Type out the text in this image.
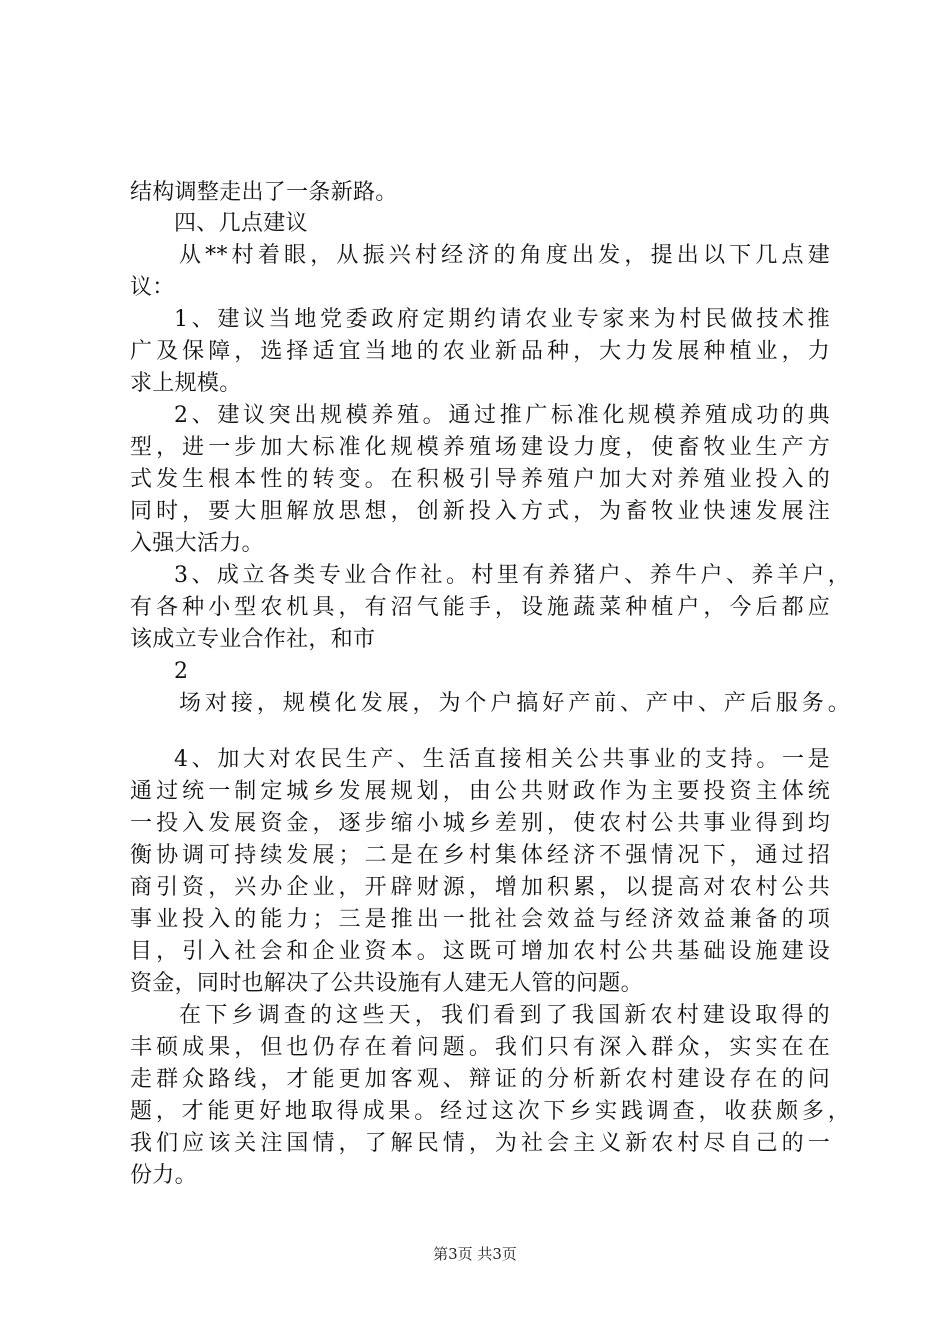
结构调整走出了一条新路。
四、几点建议
从**村着眼，从振兴村经济的角度出发，提出以下几点建
议：
1、建议当地党委政府定期约请农业专家来为村民做技术推
广及保障，选择适宜当地的农业新品种，大力发展种植业，力
求上规模。
2、建议突出规模养殖。通过推广标准化规模养殖成功的典
型，进一步加大标准化规模养殖场建设力度，使畜牧业生产方
式发生根本性的转变。在积极引导养殖户加大对养殖业投入的
同时，要大胆解放思想，创新投入方式，为畜牧业快速发展注
入强大活力。
3、成立各类专业合作社。村里有养猪户、养牛户、养羊户，
有各种小型农机具，有沼气能手，设施蔬菜种植户，今后都应
该成立专业合作社，和市
2
场对接，规模化发展，为个户搞好产前、产中、产后服务。
4、加大对农民生产、生活直接相关公共事业的支持。一是
通过统一制定城乡发展规划，由公共财政作为主要投资主体统
一投入发展资金，逐步缩小城乡差别，使农村公共事业得到均
衡协调可持续发展；二是在乡村集体经济不强情况下，通过招
商引资，兴办企业，开辟财源，增加积累，以提高对农村公共
事业投入的能力；三是推出一批社会效益与经济效益兼备的项
目，引入社会和企业资本。这既可增加农村公共基础设施建设
资金，同时也解决了公共设施有人建无人管的问题。
在下乡调查的这些天，我们看到了我国新农村建设取得的
丰硕成果，但也仍存在着问题。我们只有深入群众，实实在在
走群众路线，才能更加客观、辩证的分析新农村建设存在的问
题，才能更好地取得成果。经过这次下乡实践调查，收获颇多，
我们应该关注国情，了解民情，为社会主义新农村尽自己的一
份力。
第3页 共3页
